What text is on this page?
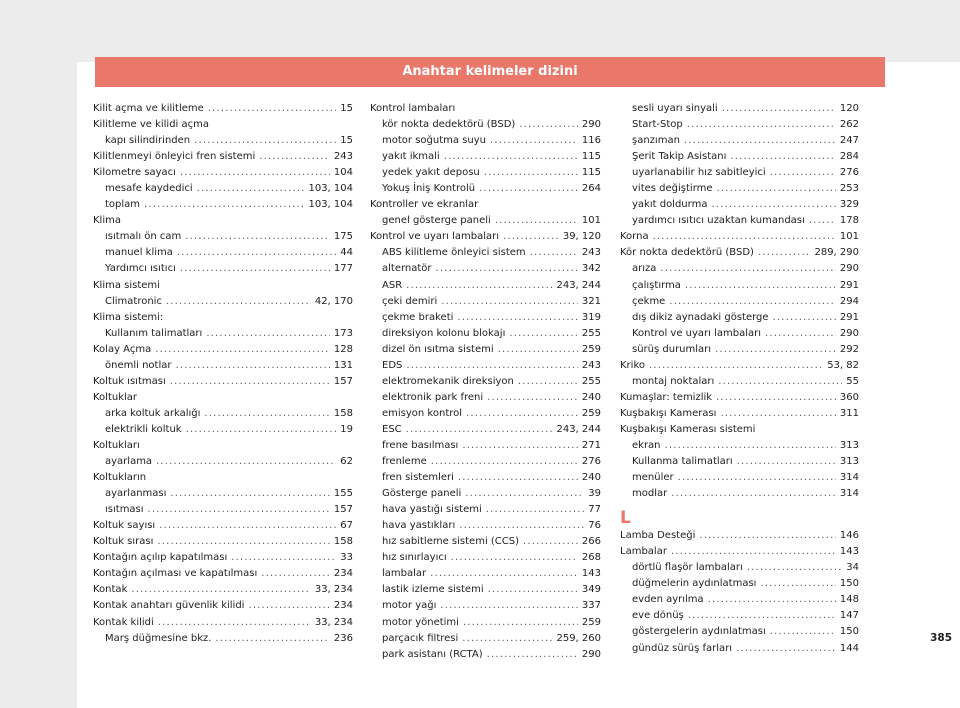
Anahtar kelimeler dizini
Kilit açma ve kilitleme . . .	15
Kilitleme ve kilidi açma
kapı silindirinden . . .	15
Kilitlenmeyi önleyici fren sistemi . . .	243
Kilometre sayacı . . .	104
mesafe kaydedici . . .	103, 104
toplam . . .	103, 104
Klima
ısıtmalı ön cam . . .	175
manuel klima . . .	44
Yardımcı ısıtıcı . . .	177
Klima sistemi
Climatronic . . .	42, 170
Klima sistemi:
Kullanım talimatları . . .	173
Kolay Açma . . .	128
önemli notlar . . .	131
Koltuk ısıtması . . .	157
Koltuklar
arka koltuk arkalığı . . .	158
elektrikli koltuk . . .	19
Koltukları
ayarlama . . .	62
Koltukların
ayarlanması . . .	155
ısıtması . . .	157
Koltuk sayısı . . .	67
Koltuk sırası . . .	158
Kontağın açılıp kapatılması . . .	33
Kontağın açılması ve kapatılması . . .	234
Kontak . . .	33, 234
Kontak anahtarı güvenlik kilidi . . .	234
Kontak kilidi . . .	33, 234
Marş düğmesine bkz. . . .	236
Kontrol lambaları
kör nokta dedektörü (BSD) . . .	290
motor soğutma suyu . . .	116
yakıt ikmali . . .	115
yedek yakıt deposu . . .	115
Yokuş İniş Kontrolü . . .	264
Kontroller ve ekranlar
genel gösterge paneli . . .	101
Kontrol ve uyarı lambaları . . .	39, 120
ABS kilitleme önleyici sistem . . .	243
alternatör . . .	342
ASR . . .	243, 244
çeki demiri . . .	321
çekme braketi . . .	319
direksiyon kolonu blokajı . . .	255
dizel ön ısıtma sistemi . . .	259
EDS . . .	243
elektromekanik direksiyon . . .	255
elektronik park freni . . .	240
emisyon kontrol . . .	259
ESC . . .	243, 244
frene basılması . . .	271
frenleme . . .	276
fren sistemleri . . .	240
Gösterge paneli . . .	39
hava yastığı sistemi . . .	77
hava yastıkları . . .	76
hız sabitleme sistemi (CCS) . . .	266
hız sınırlayıcı . . .	268
lambalar . . .	143
lastik izleme sistemi . . .	349
motor yağı . . .	337
motor yönetimi . . .	259
parçacık filtresi . . .	259, 260
park asistanı (RCTA) . . .	290
sesli uyarı sinyali . . .	120
Start-Stop . . .	262
şanzıman . . .	247
Şerit Takip Asistanı . . .	284
uyarlanabilir hız sabitleyici . . .	276
vites değiştirme . . .	253
yakıt doldurma . . .	329
yardımcı ısıtıcı uzaktan kumandası . . .	178
Korna . . .	101
Kör nokta dedektörü (BSD) . . .	289, 290
arıza . . .	290
çalıştırma . . .	291
çekme . . .	294
dış dikiz aynadaki gösterge . . .	291
Kontrol ve uyarı lambaları . . .	290
sürüş durumları . . .	292
Kriko . . .	53, 82
montaj noktaları . . .	55
Kumaşlar: temizlik . . .	360
Kuşbakışı Kamerası . . .	311
Kuşbakışı Kamerası sistemi
ekran . . .	313
Kullanma talimatları . . .	313
menüler . . .	314
modlar . . .	314
L
Lamba Desteği . . .	146
Lambalar . . .	143
dörtlü flaşör lambaları . . .	34
düğmelerin aydınlatması . . .	150
evden ayrılma . . .	148
eve dönüş . . .	147
göstergelerin aydınlatması . . .	150
gündüz sürüş farları . . .	144
385
